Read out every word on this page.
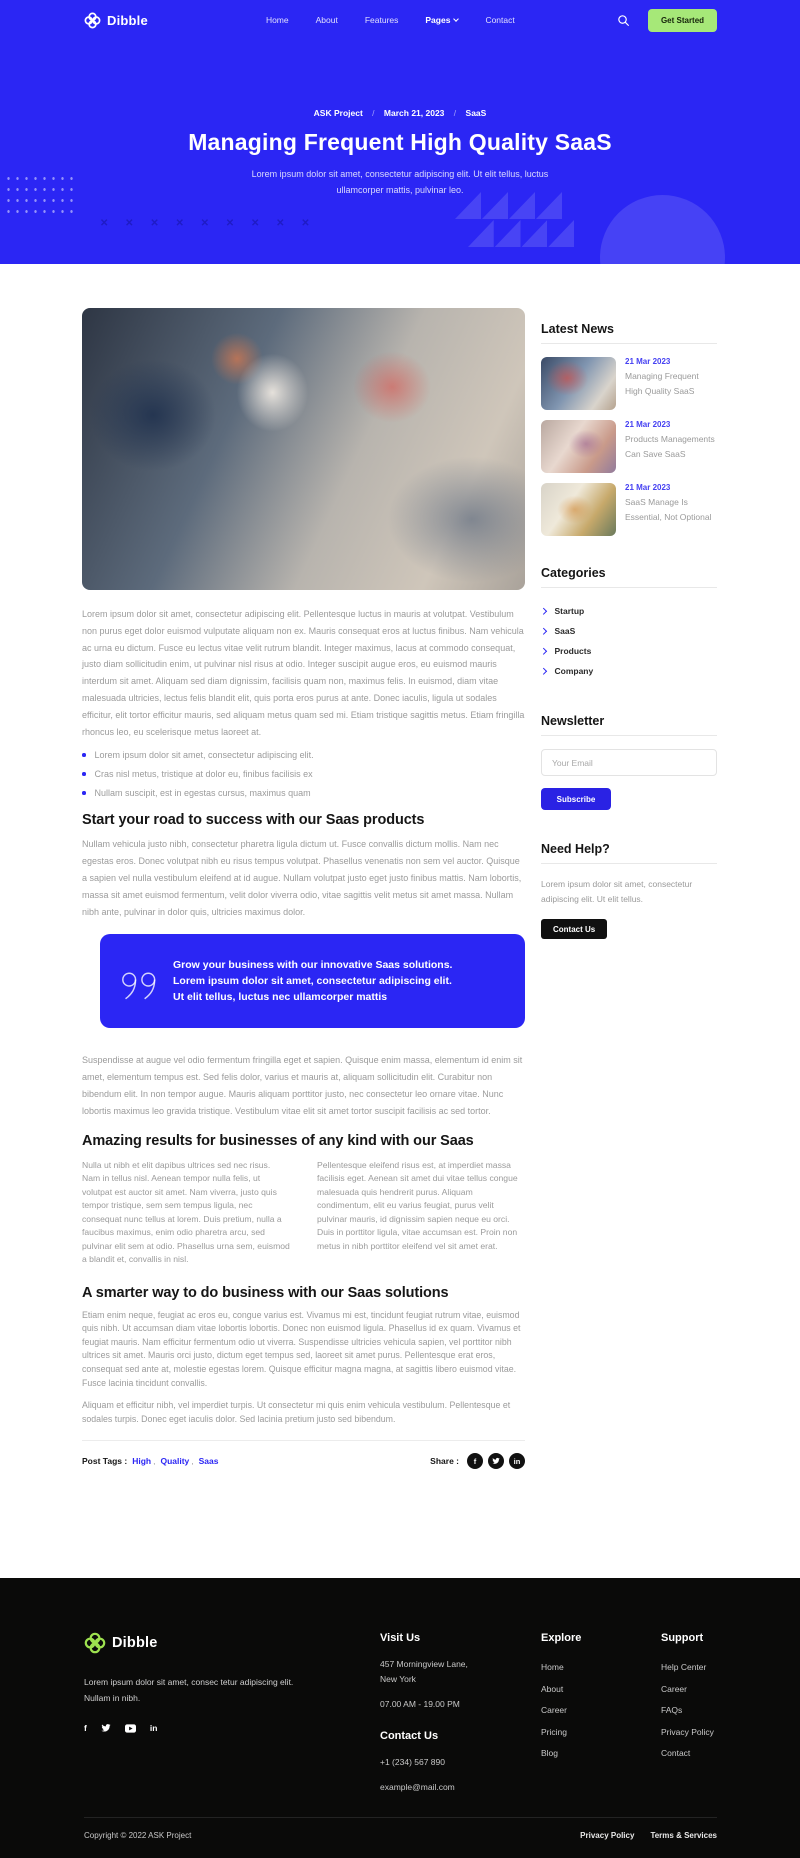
Dibble	Home	About	Features	Pages	Contact	Get Started
✕ ✕ ✕ ✕ ✕ ✕ ✕ ✕ ✕
ASK Project / March 21, 2023 / SaaS
Managing Frequent High Quality SaaS

Lorem ipsum dolor sit amet, consectetur adipiscing elit. Ut elit tellus, luctus ullamcorper mattis, pulvinar leo.

Lorem ipsum dolor sit amet, consectetur adipiscing elit. Pellentesque luctus in mauris at volutpat. Vestibulum non purus eget dolor euismod vulputate aliquam non ex. Mauris consequat eros at luctus finibus. Nam vehicula ac urna eu dictum. Fusce eu lectus vitae velit rutrum blandit. Integer maximus, lacus at commodo consequat, justo diam sollicitudin enim, ut pulvinar nisl risus at odio. Integer suscipit augue eros, eu euismod mauris interdum sit amet. Aliquam sed diam dignissim, facilisis quam non, maximus felis. In euismod, diam vitae malesuada ultricies, lectus felis blandit elit, quis porta eros purus at ante. Donec iaculis, ligula ut sodales efficitur, elit tortor efficitur mauris, sed aliquam metus quam sed mi. Etiam tristique sagittis metus. Etiam fringilla rhoncus leo, eu scelerisque metus laoreet at.

Lorem ipsum dolor sit amet, consectetur adipiscing elit.
Cras nisl metus, tristique at dolor eu, finibus facilisis ex
Nullam suscipit, est in egestas cursus, maximus quam
Start your road to success with our Saas products

Nullam vehicula justo nibh, consectetur pharetra ligula dictum ut. Fusce convallis dictum mollis. Nam nec egestas eros. Donec volutpat nibh eu risus tempus volutpat. Phasellus venenatis non sem vel auctor. Quisque a sapien vel nulla vestibulum eleifend at id augue. Nullam volutpat justo eget justo finibus mattis. Nam lobortis, massa sit amet euismod fermentum, velit dolor viverra odio, vitae sagittis velit metus sit amet massa. Nullam nibh ante, pulvinar in dolor quis, ultricies maximus dolor.

Grow your business with our innovative Saas solutions. Lorem ipsum dolor sit amet, consectetur adipiscing elit. Ut elit tellus, luctus nec ullamcorper mattis

Suspendisse at augue vel odio fermentum fringilla eget et sapien. Quisque enim massa, elementum id enim sit amet, elementum tempus est. Sed felis dolor, varius et mauris at, aliquam sollicitudin elit. Curabitur non bibendum elit. In non tempor augue. Mauris aliquam porttitor justo, nec consectetur leo ornare vitae. Nunc lobortis maximus leo gravida tristique. Vestibulum vitae elit sit amet tortor suscipit facilisis ac sed tortor.

Amazing results for businesses of any kind with our Saas

Nulla ut nibh et elit dapibus ultrices sed nec risus. Nam in tellus nisl. Aenean tempor nulla felis, ut volutpat est auctor sit amet. Nam viverra, justo quis tempor tristique, sem sem tempus ligula, nec consequat nunc tellus at lorem. Duis pretium, nulla a faucibus maximus, enim odio pharetra arcu, sed pulvinar elit sem at odio. Phasellus urna sem, euismod a blandit et, convallis in nisl.

Pellentesque eleifend risus est, at imperdiet massa facilisis eget. Aenean sit amet dui vitae tellus congue malesuada quis hendrerit purus. Aliquam condimentum, elit eu varius feugiat, purus velit pulvinar mauris, id dignissim sapien neque eu orci. Duis in porttitor ligula, vitae accumsan est. Proin non metus in nibh porttitor eleifend vel sit amet erat.

A smarter way to do business with our Saas solutions

Etiam enim neque, feugiat ac eros eu, congue varius est. Vivamus mi est, tincidunt feugiat rutrum vitae, euismod quis nibh. Ut accumsan diam vitae lobortis lobortis. Donec non euismod ligula. Phasellus id ex quam. Vivamus et feugiat mauris. Nam efficitur fermentum odio ut viverra. Suspendisse ultricies vehicula sapien, vel porttitor nibh ultrices sit amet. Mauris orci justo, dictum eget tempus sed, laoreet sit amet purus. Pellentesque erat eros, consequat sed ante at, molestie egestas lorem. Quisque efficitur magna magna, at sagittis libero euismod vitae. Fusce lacinia tincidunt convallis.

Aliquam et efficitur nibh, vel imperdiet turpis. Ut consectetur mi quis enim vehicula vestibulum. Pellentesque et sodales turpis. Donec eget iaculis dolor. Sed lacinia pretium justo sed bibendum.

Post Tags : High , Quality , Saas	Share :	f	in
Latest News
21 Mar 2023
Managing Frequent High Quality SaaS
21 Mar 2023
Products Managements Can Save SaaS
21 Mar 2023
SaaS Manage Is Essential, Not Optional
Categories
Startup
SaaS
Products
Company
Newsletter
Your Email Subscribe
Need Help?

Lorem ipsum dolor sit amet, consectetur adipiscing elit. Ut elit tellus.

Contact Us
Dibble

Lorem ipsum dolor sit amet, consec tetur adipiscing elit. Nullam in nibh.

f	in
Visit Us
457 Morningview Lane,
New York
07.00 AM - 19.00 PM
Contact Us
+1 (234) 567 890
example@mail.com
Explore
Home
About
Career
Pricing
Blog
Support
Help Center
Career
FAQs
Privacy Policy
Contact
Copyright © 2022 ASK Project	Privacy Policy Terms & Services
